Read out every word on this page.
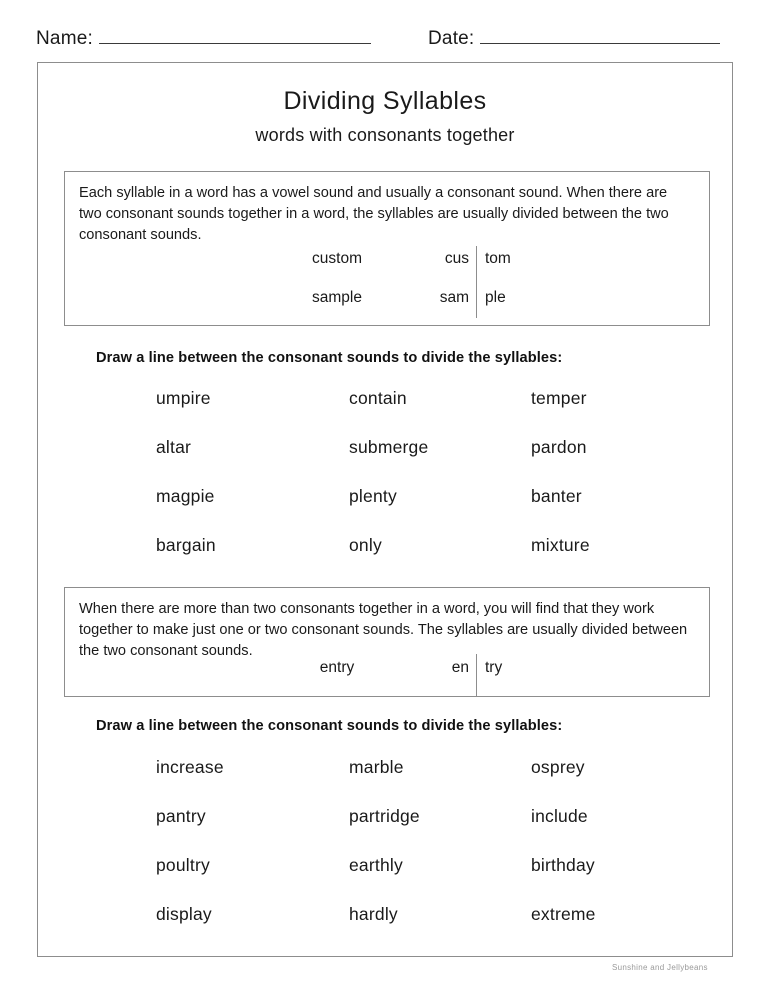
Name:	Date:
Dividing Syllables
words with consonants together
Each syllable in a word has a vowel sound and usually a consonant sound. When there are two consonant sounds together in a word, the syllables are usually divided between the two consonant sounds.
custom	cus tom
sample	sam ple
Draw a line between the consonant sounds to divide the syllables:
umpire	contain	temper
altar	submerge	pardon
magpie	plenty	banter
bargain	only	mixture
When there are more than two consonants together in a word, you will find that they work together to make just one or two consonant sounds. The syllables are usually divided between the two consonant sounds.
entry	en try
Draw a line between the consonant sounds to divide the syllables:
increase	marble	osprey
pantry	partridge	include
poultry	earthly	birthday
display	hardly	extreme
Sunshine and Jellybeans
